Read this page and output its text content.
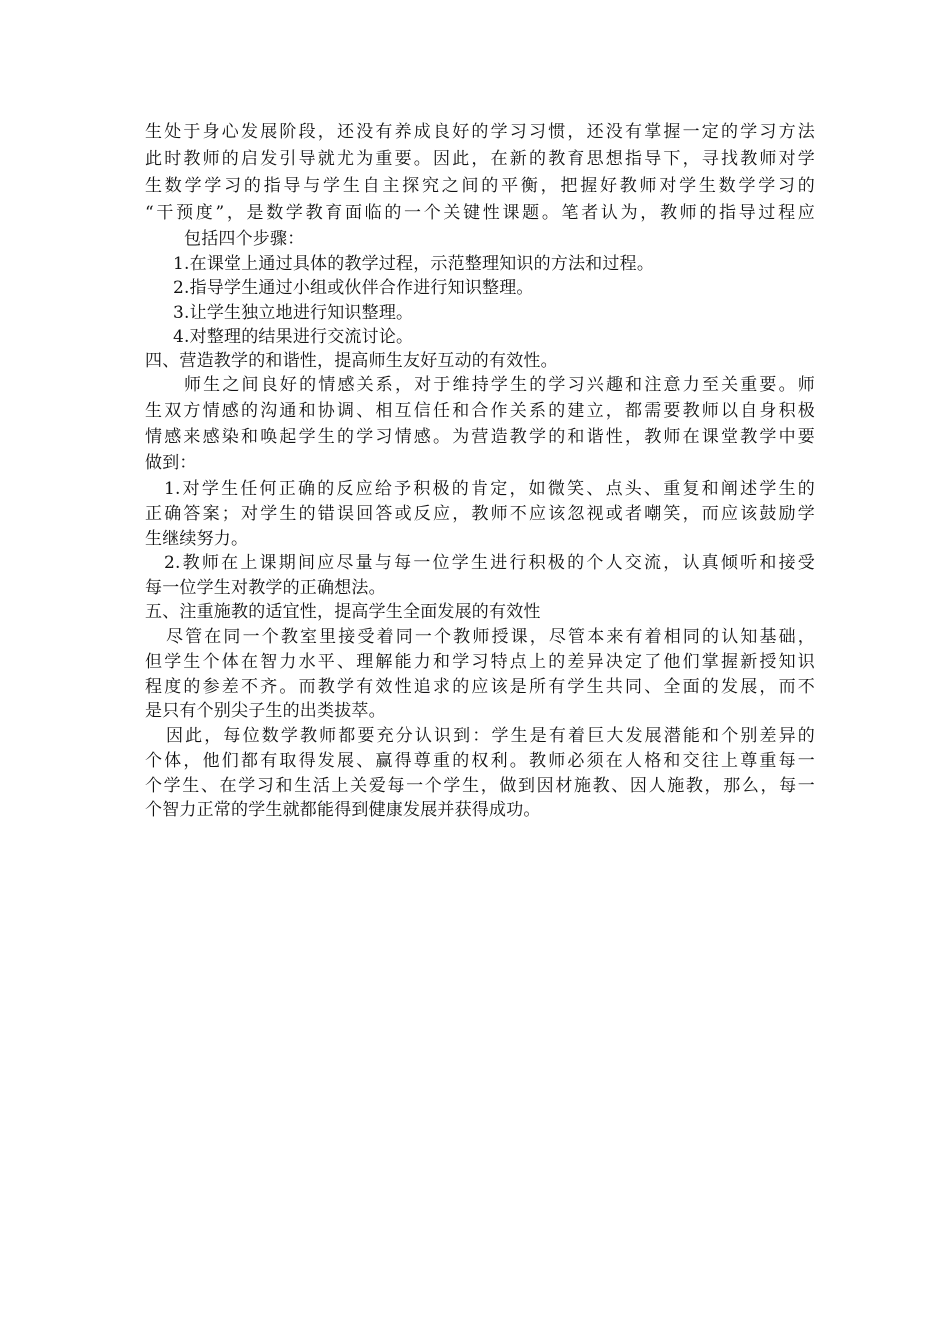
生处于身心发展阶段，还没有养成良好的学习习惯，还没有掌握一定的学习方法
此时教师的启发引导就尤为重要。因此，在新的教育思想指导下，寻找教师对学
生数学学习的指导与学生自主探究之间的平衡，把握好教师对学生数学学习的
“干预度”，是数学教育面临的一个关键性课题。笔者认为，教师的指导过程应
包括四个步骤：
1.在课堂上通过具体的教学过程，示范整理知识的方法和过程。
2.指导学生通过小组或伙伴合作进行知识整理。
3.让学生独立地进行知识整理。
4.对整理的结果进行交流讨论。
四、营造教学的和谐性，提高师生友好互动的有效性。
师生之间良好的情感关系，对于维持学生的学习兴趣和注意力至关重要。师
生双方情感的沟通和协调、相互信任和合作关系的建立，都需要教师以自身积极
情感来感染和唤起学生的学习情感。为营造教学的和谐性，教师在课堂教学中要
做到：
1.对学生任何正确的反应给予积极的肯定，如微笑、点头、重复和阐述学生的
正确答案；对学生的错误回答或反应，教师不应该忽视或者嘲笑，而应该鼓励学
生继续努力。
2.教师在上课期间应尽量与每一位学生进行积极的个人交流，认真倾听和接受
每一位学生对教学的正确想法。
五、注重施教的适宜性，提高学生全面发展的有效性
尽管在同一个教室里接受着同一个教师授课，尽管本来有着相同的认知基础，
但学生个体在智力水平、理解能力和学习特点上的差异决定了他们掌握新授知识
程度的参差不齐。而教学有效性追求的应该是所有学生共同、全面的发展，而不
是只有个别尖子生的出类拔萃。
因此，每位数学教师都要充分认识到：学生是有着巨大发展潜能和个别差异的
个体，他们都有取得发展、赢得尊重的权利。教师必须在人格和交往上尊重每一
个学生、在学习和生活上关爱每一个学生，做到因材施教、因人施教，那么，每一
个智力正常的学生就都能得到健康发展并获得成功。
